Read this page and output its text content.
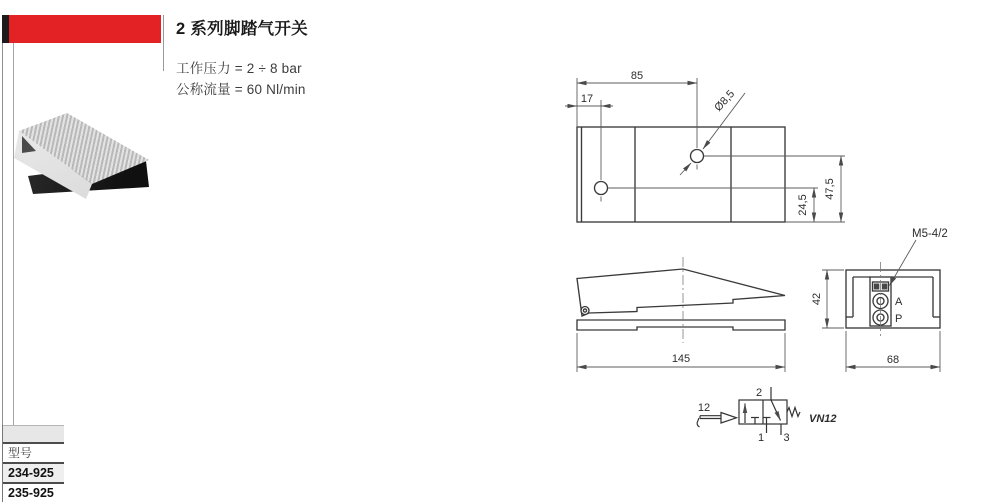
2 系列脚踏气开关
工作压力 = 2 ÷ 8 bar
公称流量 = 60 Nl/min
85
17	Ø8,5
47,5
24,5
145
A
P
M5-4/2
42
68
12
2
1 3
VN12
型号
234-925
235-925
